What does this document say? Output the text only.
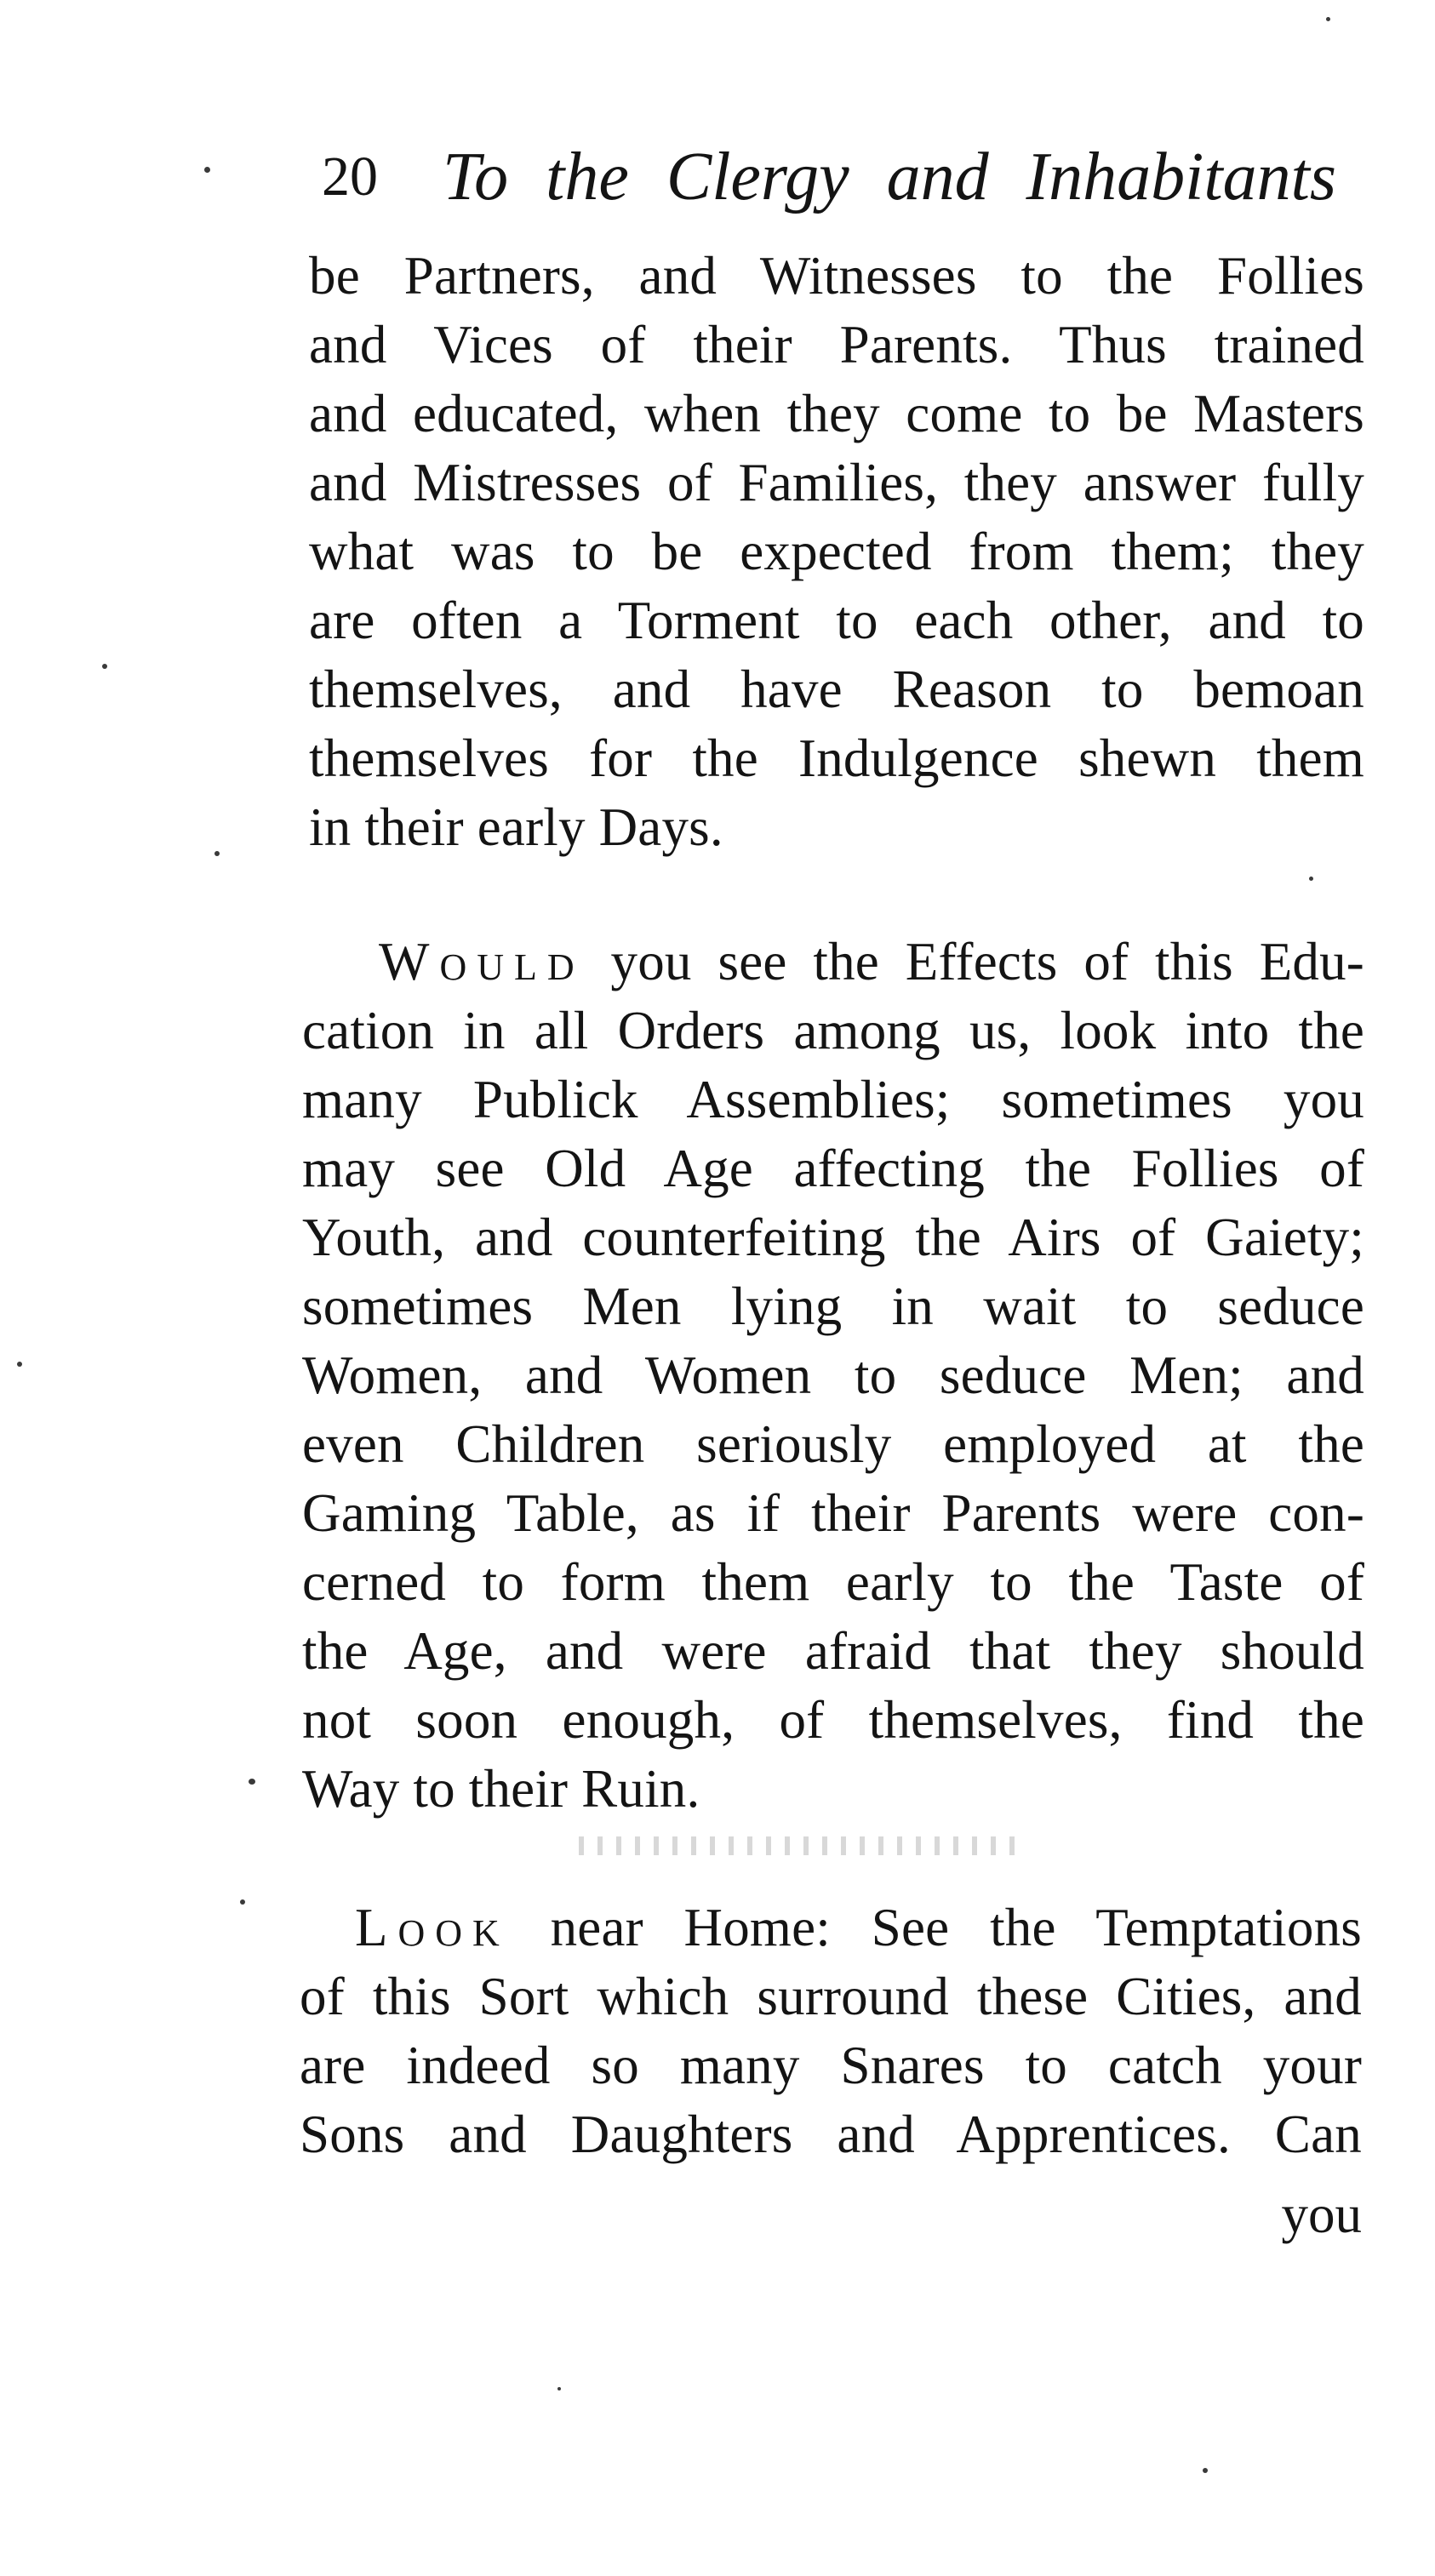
20 To the Clergy and Inhabitants
be Partners, and Witnesses to the Follies
and Vices of their Parents. Thus trained
and educated, when they come to be Masters
and Mistresses of Families, they answer fully
what was to be expected from them; they
are often a Torment to each other, and to
themselves, and have Reason to bemoan
themselves for the Indulgence shewn them
in their early Days.
Would you see the Effects of this Edu-
cation in all Orders among us, look into the
many Publick Assemblies; sometimes you
may see Old Age affecting the Follies of
Youth, and counterfeiting the Airs of Gaiety;
sometimes Men lying in wait to seduce
Women, and Women to seduce Men; and
even Children seriously employed at the
Gaming Table, as if their Parents were con-
cerned to form them early to the Taste of
the Age, and were afraid that they should
not soon enough, of themselves, find the
Way to their Ruin.
Look near Home: See the Temptations
of this Sort which surround these Cities, and
are indeed so many Snares to catch your
Sons and Daughters and Apprentices. Can
you
